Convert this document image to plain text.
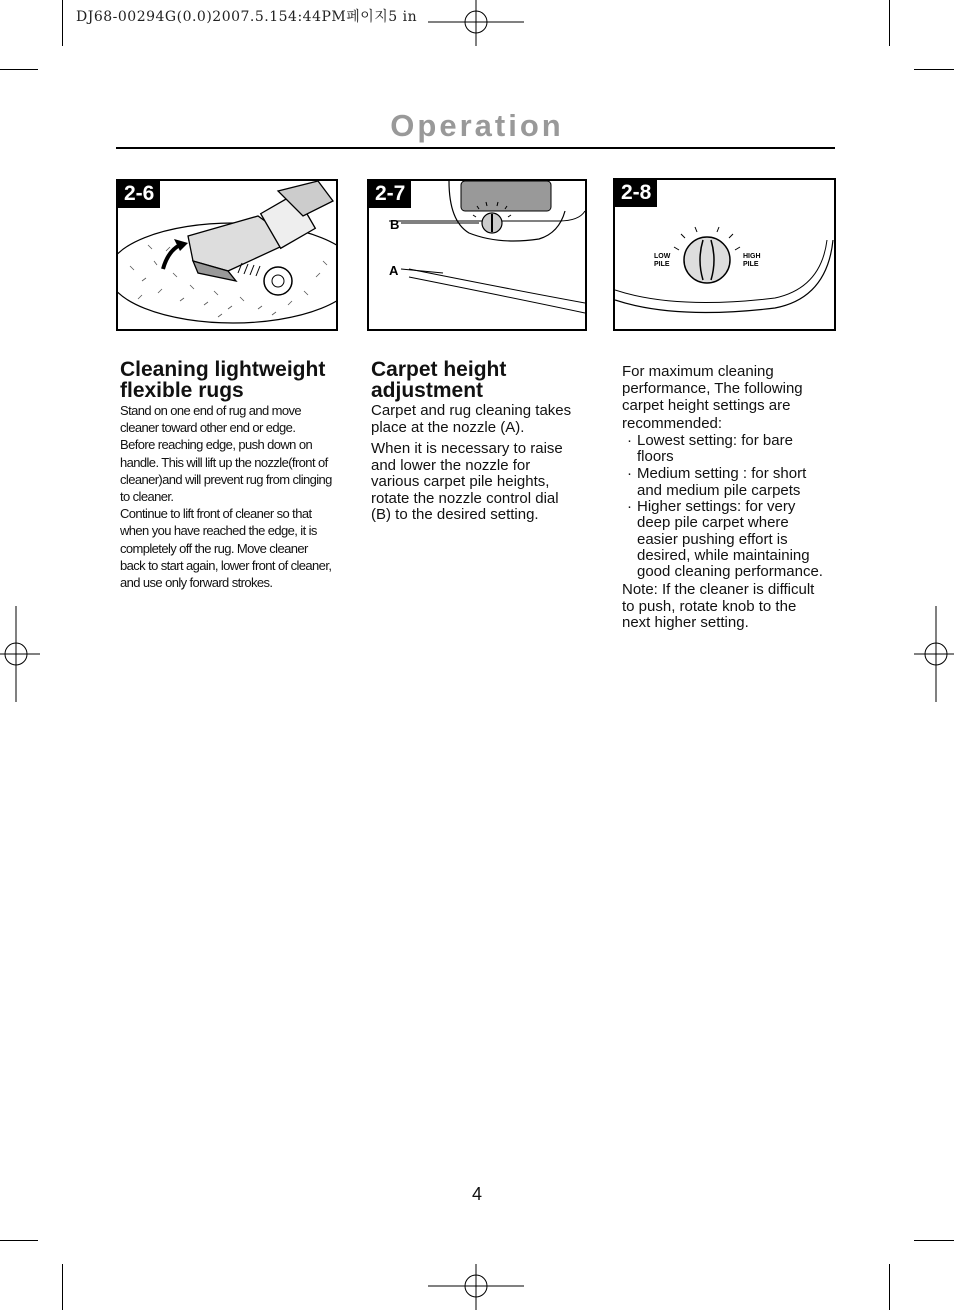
DJ68-00294G(0.0)2007.5.154:44PM페이지5 in
Operation
2-6
B
A
2-7
LOW
PILE
HIGH
PILE
2-8
Cleaning lightweight
flexible rugs
Stand on one end of rug and move
cleaner toward other end or edge.
Before reaching edge, push down on
handle. This will lift up the nozzle(front of
cleaner)and will prevent rug from clinging
to cleaner.
Continue to lift front of cleaner so that
when you have reached the edge, it is
completely off the rug. Move cleaner
back to start again, lower front of cleaner,
and use only forward strokes.
Carpet height
adjustment
Carpet and rug cleaning takes
place at the nozzle (A).
When it is necessary to raise
and lower the nozzle for
various carpet pile heights,
rotate the nozzle control dial
(B) to the desired setting.
For maximum cleaning
performance, The following
carpet height settings are
recommended:
· Lowest setting: for bare
floors
· Medium setting : for short
and medium pile carpets
· Higher settings: for very
deep pile carpet where
easier pushing effort is
desired, while maintaining
good cleaning performance.
Note: If the cleaner is difficult
to push, rotate knob to the
next higher setting.
4
